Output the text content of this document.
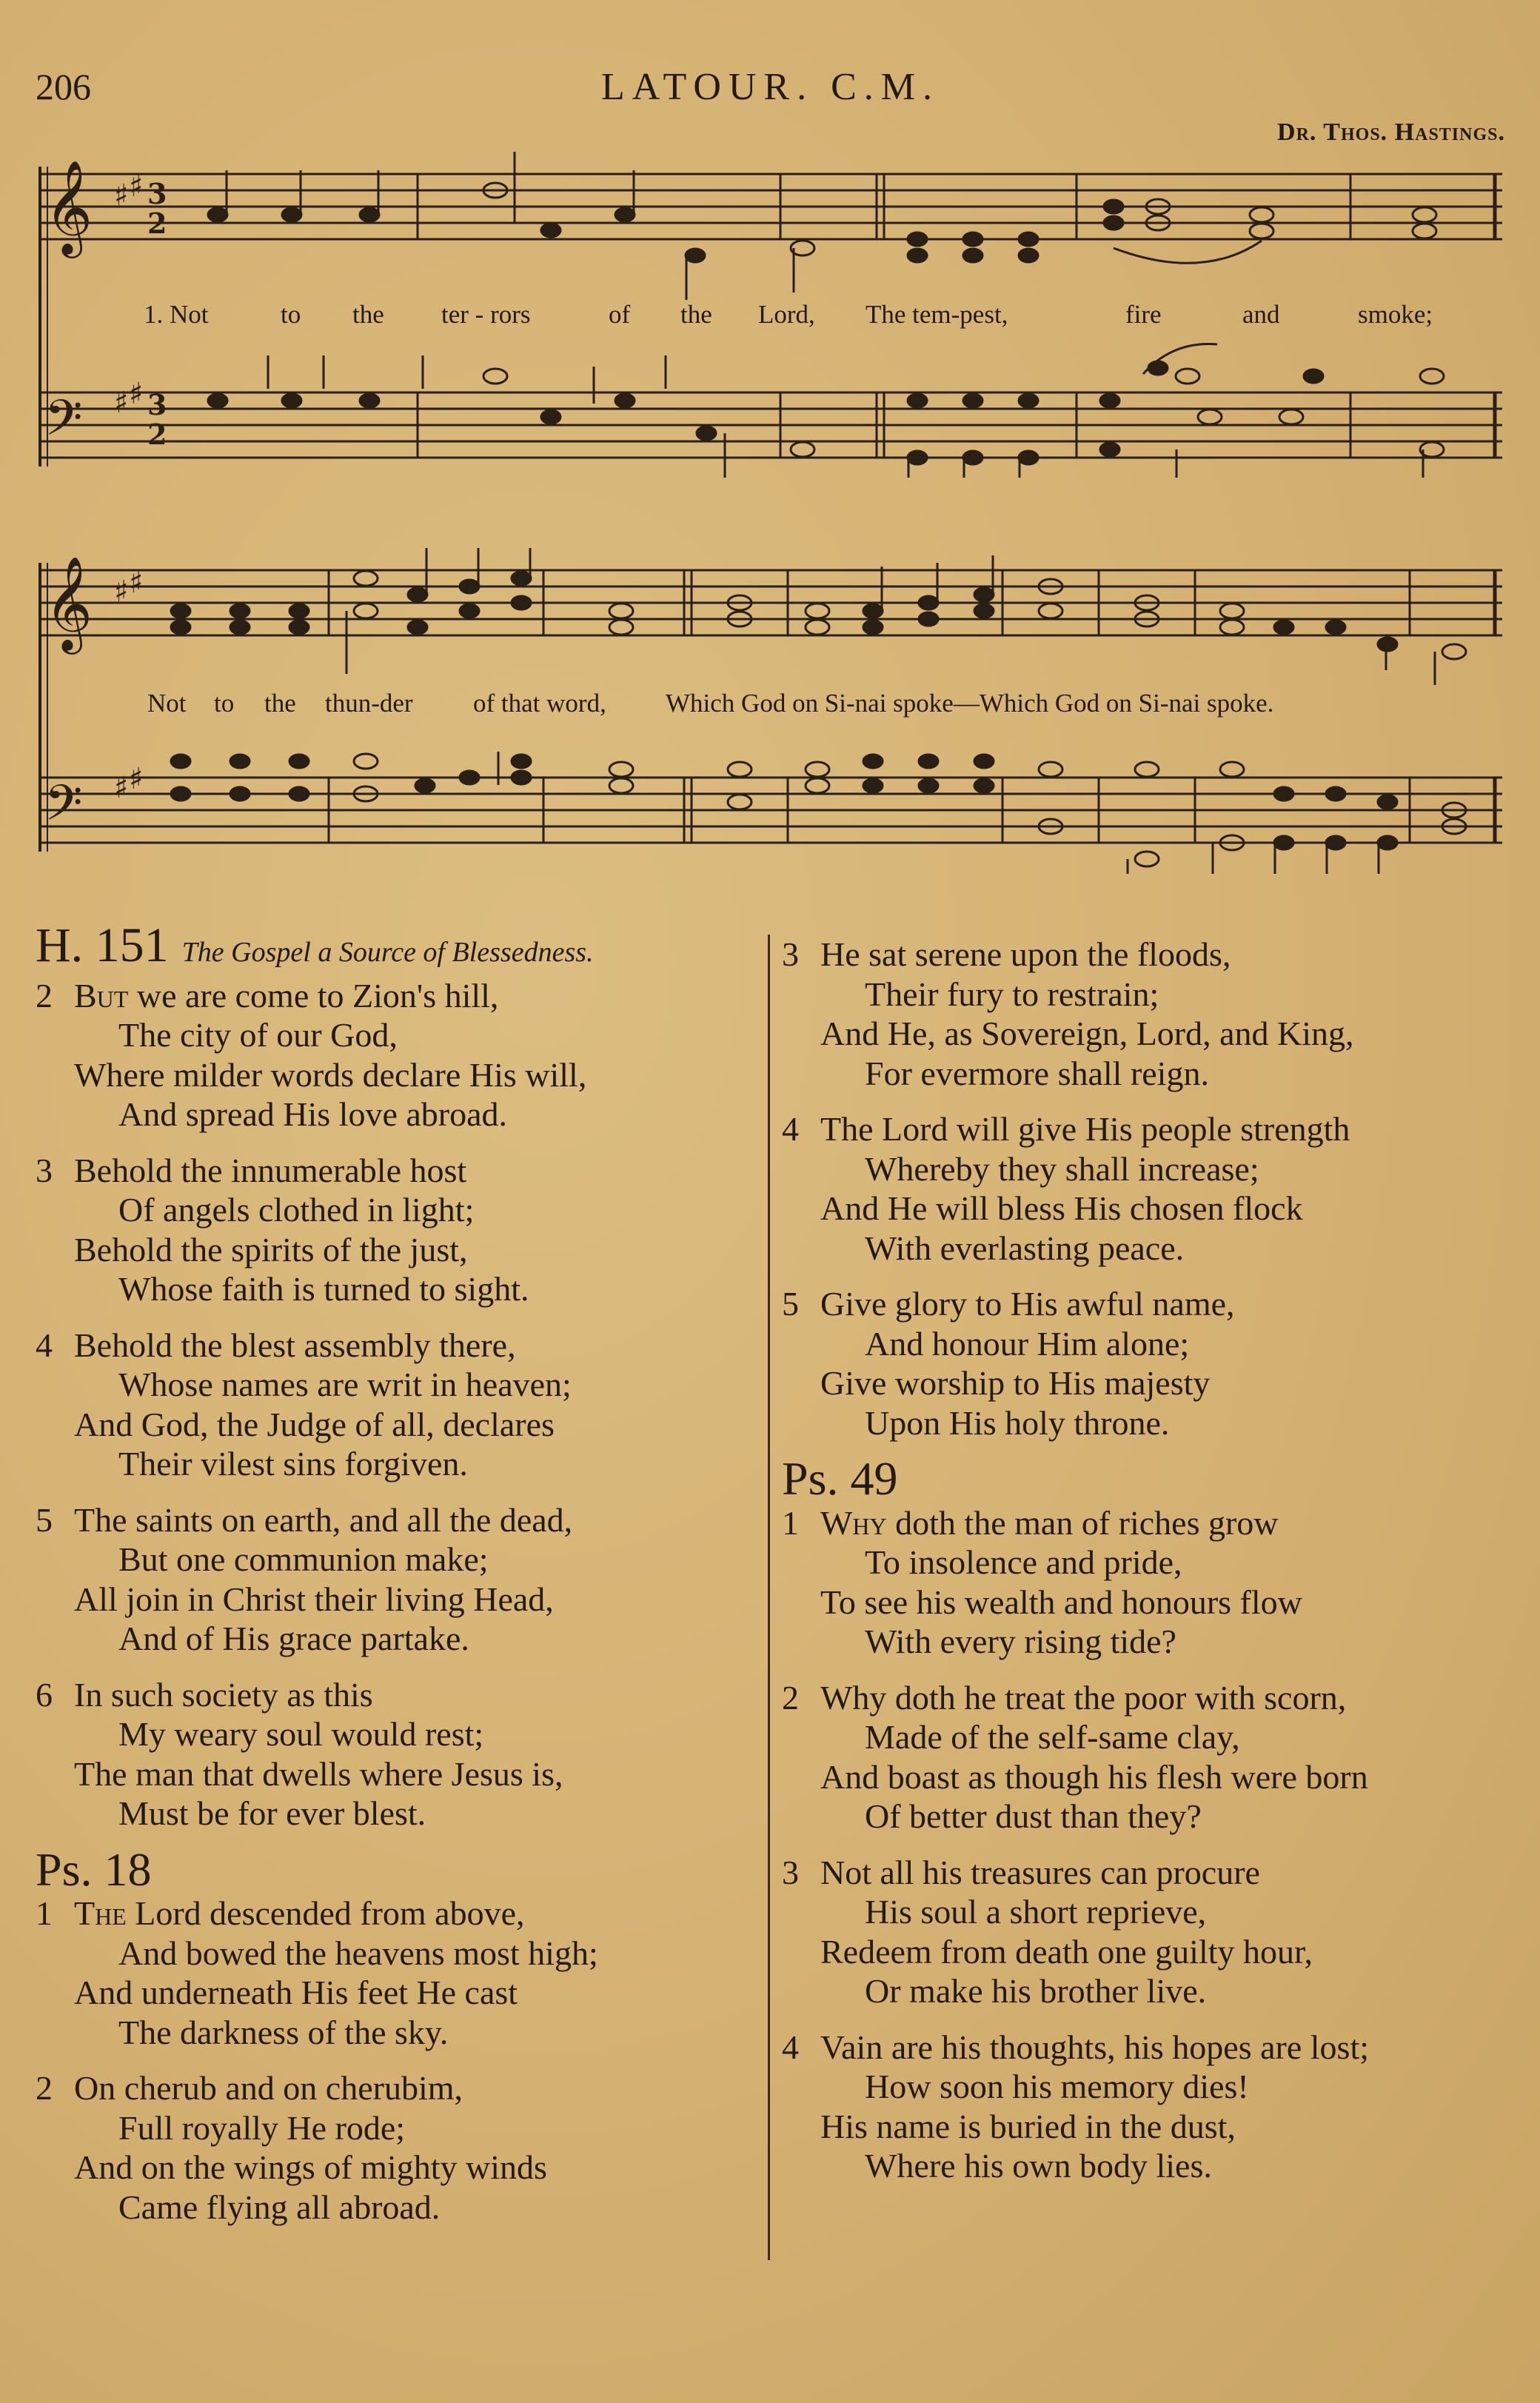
206	LATOUR. C.M.
Dr. Thos. Hastings.
𝄞
𝄢
♯ ♯ 3
2
♯ ♯ 3
2
1. Not	to the ter - rors	of the Lord, The tem-pest,	fire	and	smoke;
𝄞
𝄢
♯ ♯
♯ ♯
Not to the thun-der of that word, Which God on Si-nai spoke—Which God on Si-nai spoke.
H. 151 The Gospel a Source of Blessedness.
2 But we are come to Zion's hill,
The city of our God,
Where milder words declare His will,
And spread His love abroad.
3 Behold the innumerable host
Of angels clothed in light;
Behold the spirits of the just,
Whose faith is turned to sight.
4 Behold the blest assembly there,
Whose names are writ in heaven;
And God, the Judge of all, declares
Their vilest sins forgiven.
5 The saints on earth, and all the dead,
But one communion make;
All join in Christ their living Head,
And of His grace partake.
6 In such society as this
My weary soul would rest;
The man that dwells where Jesus is,
Must be for ever blest.
Ps. 18
1 The Lord descended from above,
And bowed the heavens most high;
And underneath His feet He cast
The darkness of the sky.
2 On cherub and on cherubim,
Full royally He rode;
And on the wings of mighty winds
Came flying all abroad.
3 He sat serene upon the floods,
Their fury to restrain;
And He, as Sovereign, Lord, and King,
For evermore shall reign.
4 The Lord will give His people strength
Whereby they shall increase;
And He will bless His chosen flock
With everlasting peace.
5 Give glory to His awful name,
And honour Him alone;
Give worship to His majesty
Upon His holy throne.
Ps. 49
1 Why doth the man of riches grow
To insolence and pride,
To see his wealth and honours flow
With every rising tide?
2 Why doth he treat the poor with scorn,
Made of the self-same clay,
And boast as though his flesh were born
Of better dust than they?
3 Not all his treasures can procure
His soul a short reprieve,
Redeem from death one guilty hour,
Or make his brother live.
4 Vain are his thoughts, his hopes are lost;
How soon his memory dies!
His name is buried in the dust,
Where his own body lies.
